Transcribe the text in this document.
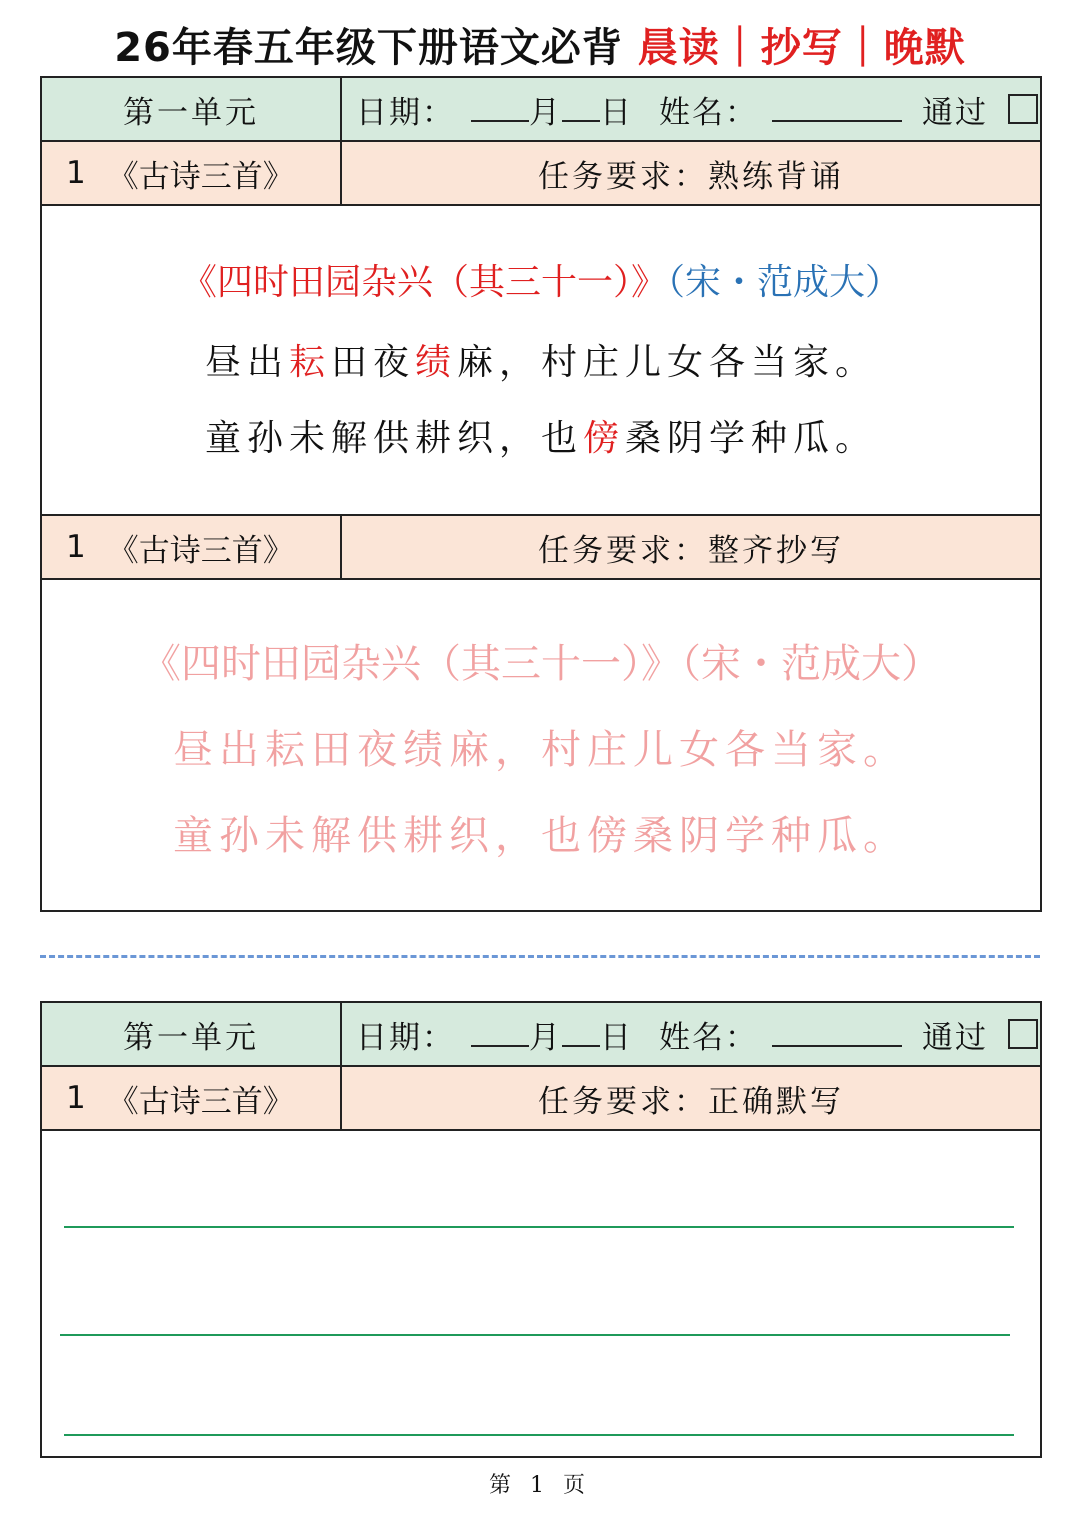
26年春五年级下册语文必背 晨读｜抄写｜晚默
第一单元	日期： 月 日 姓名：	通过
1 《古诗三首》	任务要求：熟练背诵
《四时田园杂兴（其三十一）》（宋・范成大）
昼出耘田夜绩麻，村庄儿女各当家。
童孙未解供耕织，也傍桑阴学种瓜。
1 《古诗三首》	任务要求：整齐抄写
《四时田园杂兴（其三十一）》（宋・范成大）
昼出耘田夜绩麻，村庄儿女各当家。
童孙未解供耕织，也傍桑阴学种瓜。
第一单元	日期： 月 日 姓名：	通过
1 《古诗三首》	任务要求：正确默写
第 1 页
